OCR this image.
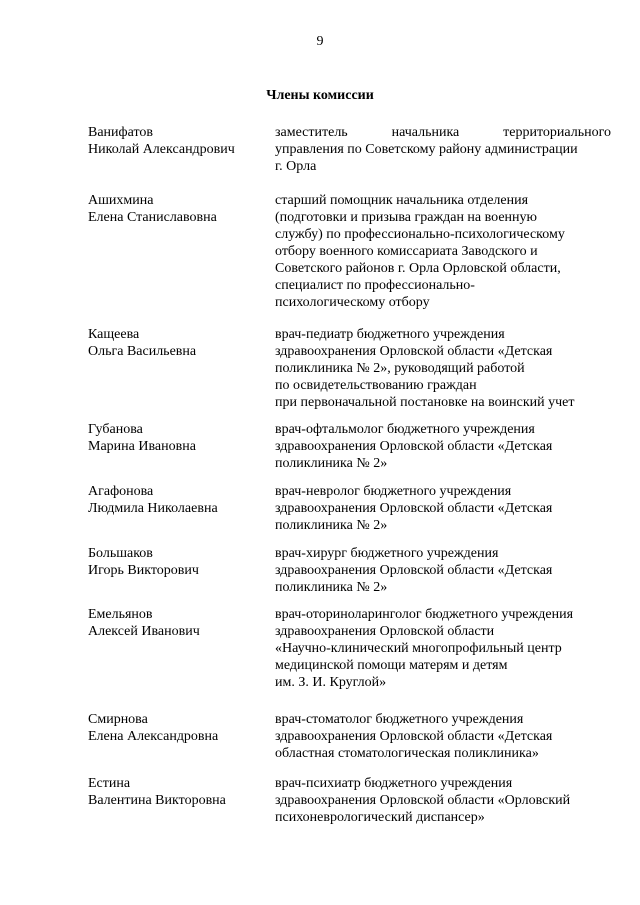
9
Члены комиссии
Ванифатов
Николай Александрович
заместитель начальника территориального
управления по Советскому району администрации
г. Орла
Ашихмина
Елена Станиславовна
старший помощник начальника отделения
(подготовки и призыва граждан на военную
службу) по профессионально-психологическому
отбору военного комиссариата Заводского и
Советского районов г. Орла Орловской области,
специалист по профессионально-
психологическому отбору
Кащеева
Ольга Васильевна
врач-педиатр бюджетного учреждения
здравоохранения Орловской области «Детская
поликлиника № 2», руководящий работой
по освидетельствованию граждан
при первоначальной постановке на воинский учет
Губанова
Марина Ивановна
врач-офтальмолог бюджетного учреждения
здравоохранения Орловской области «Детская
поликлиника № 2»
Агафонова
Людмила Николаевна
врач-невролог бюджетного учреждения
здравоохранения Орловской области «Детская
поликлиника № 2»
Большаков
Игорь Викторович
врач-хирург бюджетного учреждения
здравоохранения Орловской области «Детская
поликлиника № 2»
Емельянов
Алексей Иванович
врач-оториноларинголог бюджетного учреждения
здравоохранения Орловской области
«Научно-клинический многопрофильный центр
медицинской помощи матерям и детям
им. З. И. Круглой»
Смирнова
Елена Александровна
врач-стоматолог бюджетного учреждения
здравоохранения Орловской области «Детская
областная стоматологическая поликлиника»
Естина
Валентина Викторовна
врач-психиатр бюджетного учреждения
здравоохранения Орловской области «Орловский
психоневрологический диспансер»
